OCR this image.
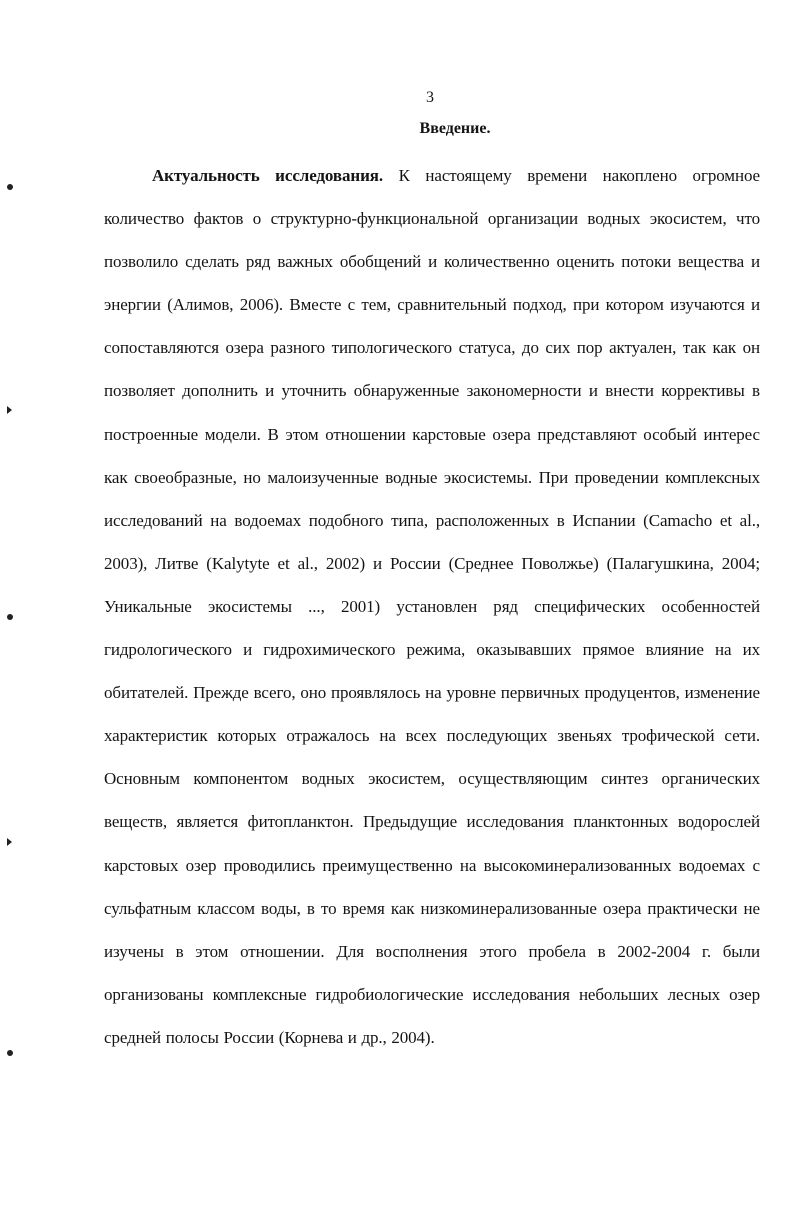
3
Введение.

Актуальность исследования. К настоящему времени накоплено огромное количество фактов о структурно-функциональной организации водных экосистем, что позволило сделать ряд важных обобщений и количественно оценить потоки вещества и энергии (Алимов, 2006). Вместе с тем, сравнительный подход, при котором изучаются и сопоставляются озера разного типологического статуса, до сих пор актуален, так как он позволяет дополнить и уточнить обнаруженные закономерности и внести коррективы в построенные модели. В этом отношении карстовые озера представляют особый интерес как своеобразные, но малоизученные водные экосистемы. При проведении комплексных исследований на водоемах подобного типа, расположенных в Испании (Camacho et al., 2003), Литве (Kalytyte et al., 2002) и России (Среднее Поволжье) (Палагушкина, 2004; Уникальные экосистемы ..., 2001) установлен ряд специфических особенностей гидрологического и гидрохимического режима, оказывавших прямое влияние на их обитателей. Прежде всего, оно проявлялось на уровне первичных продуцентов, изменение характеристик которых отражалось на всех последующих звеньях трофической сети. Основным компонентом водных экосистем, осуществляющим синтез органических веществ, является фитопланктон. Предыдущие исследования планктонных водорослей карстовых озер проводились преимущественно на высокоминерализованных водоемах с сульфатным классом воды, в то время как низкоминерализованные озера практически не изучены в этом отношении. Для восполнения этого пробела в 2002-2004 г. были организованы комплексные гидробиологические исследования небольших лесных озер средней полосы России (Корнева и др., 2004).
